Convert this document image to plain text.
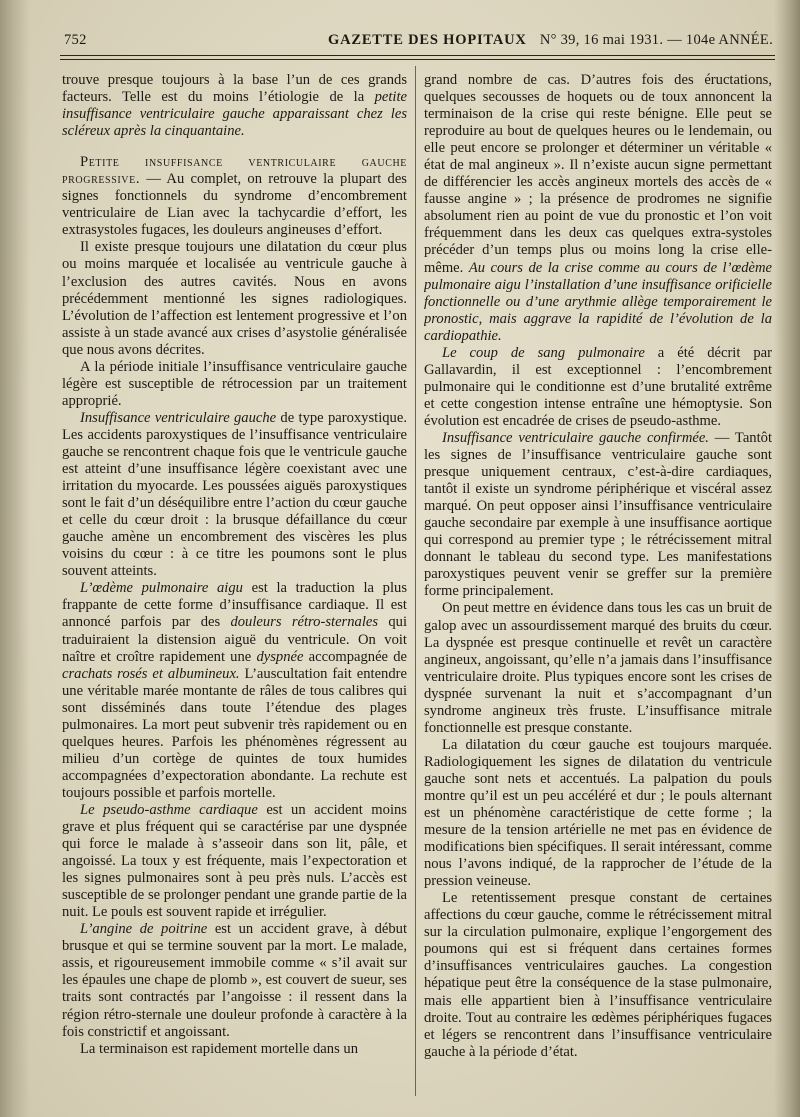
752	GAZETTE DES HOPITAUX N° 39, 16 mai 1931. — 104e ANNÉE.

trouve presque toujours à la base l’un de ces grands facteurs. Telle est du moins l’étiologie de la petite insuffisance ventriculaire gauche apparaissant chez les scléreux après la cinquantaine.

Petite insuffisance ventriculaire gauche progressive. — Au complet, on retrouve la plupart des signes fonctionnels du syndrome d’encombrement ventriculaire de Lian avec la tachycardie d’effort, les extrasystoles fugaces, les douleurs angineuses d’effort.

Il existe presque toujours une dilatation du cœur plus ou moins marquée et localisée au ventricule gauche à l’exclusion des autres cavités. Nous en avons précédemment mentionné les signes radiologiques. L’évolution de l’affection est lentement progressive et l’on assiste à un stade avancé aux crises d’asystolie généralisée que nous avons décrites.

A la période initiale l’insuffisance ventriculaire gauche légère est susceptible de rétrocession par un traitement approprié.

Insuffisance ventriculaire gauche de type paroxystique. Les accidents paroxystiques de l’insuffisance ventriculaire gauche se rencontrent chaque fois que le ventricule gauche est atteint d’une insuffisance légère coexistant avec une irritation du myocarde. Les poussées aiguës paroxystiques sont le fait d’un déséquilibre entre l’action du cœur gauche et celle du cœur droit : la brusque défaillance du cœur gauche amène un encombrement des viscères les plus voisins du cœur : à ce titre les poumons sont le plus souvent atteints.

L’œdème pulmonaire aigu est la traduction la plus frappante de cette forme d’insuffisance cardiaque. Il est annoncé parfois par des douleurs rétro-sternales qui traduiraient la distension aiguë du ventricule. On voit naître et croître rapidement une dyspnée accompagnée de crachats rosés et albumineux. L’auscultation fait entendre une véritable marée montante de râles de tous calibres qui sont disséminés dans toute l’étendue des plages pulmonaires. La mort peut subvenir très rapidement ou en quelques heures. Parfois les phénomènes régressent au milieu d’un cortège de quintes de toux humides accompagnées d’expectoration abondante. La rechute est toujours possible et parfois mortelle.

Le pseudo-asthme cardiaque est un accident moins grave et plus fréquent qui se caractérise par une dyspnée qui force le malade à s’asseoir dans son lit, pâle, et angoissé. La toux y est fréquente, mais l’expectoration et les signes pulmonaires sont à peu près nuls. L’accès est susceptible de se prolonger pendant une grande partie de la nuit. Le pouls est souvent rapide et irrégulier.

L’angine de poitrine est un accident grave, à début brusque et qui se termine souvent par la mort. Le malade, assis, et rigoureusement immobile comme « s’il avait sur les épaules une chape de plomb », est couvert de sueur, ses traits sont contractés par l’angoisse : il ressent dans la région rétro-sternale une douleur profonde à caractère à la fois constrictif et angoissant.

La terminaison est rapidement mortelle dans un

grand nombre de cas. D’autres fois des éructations, quelques secousses de hoquets ou de toux annoncent la terminaison de la crise qui reste bénigne. Elle peut se reproduire au bout de quelques heures ou le lendemain, ou elle peut encore se prolonger et déterminer un véritable « état de mal angineux ». Il n’existe aucun signe permettant de différencier les accès angineux mortels des accès de « fausse angine » ; la présence de prodromes ne signifie absolument rien au point de vue du pronostic et l’on voit fréquemment dans les deux cas quelques extra-systoles précéder d’un temps plus ou moins long la crise elle-même. Au cours de la crise comme au cours de l’œdème pulmonaire aigu l’installation d’une insuffisance orificielle fonctionnelle ou d’une arythmie allège temporairement le pronostic, mais aggrave la rapidité de l’évolution de la cardiopathie.

Le coup de sang pulmonaire a été décrit par Gallavardin, il est exceptionnel : l’encombrement pulmonaire qui le conditionne est d’une brutalité extrême et cette congestion intense entraîne une hémoptysie. Son évolution est encadrée de crises de pseudo-asthme.

Insuffisance ventriculaire gauche confirmée. — Tantôt les signes de l’insuffisance ventriculaire gauche sont presque uniquement centraux, c’est-à-dire cardiaques, tantôt il existe un syndrome périphérique et viscéral assez marqué. On peut opposer ainsi l’insuffisance ventriculaire gauche secondaire par exemple à une insuffisance aortique qui correspond au premier type ; le rétrécissement mitral donnant le tableau du second type. Les manifestations paroxystiques peuvent venir se greffer sur la première forme principalement.

On peut mettre en évidence dans tous les cas un bruit de galop avec un assourdissement marqué des bruits du cœur. La dyspnée est presque continuelle et revêt un caractère angineux, angoissant, qu’elle n’a jamais dans l’insuffisance ventriculaire droite. Plus typiques encore sont les crises de dyspnée survenant la nuit et s’accompagnant d’un syndrome angineux très fruste. L’insuffisance mitrale fonctionnelle est presque constante.

La dilatation du cœur gauche est toujours marquée. Radiologiquement les signes de dilatation du ventricule gauche sont nets et accentués. La palpation du pouls montre qu’il est un peu accéléré et dur ; le pouls alternant est un phénomène caractéristique de cette forme ; la mesure de la tension artérielle ne met pas en évidence de modifications bien spécifiques. Il serait intéressant, comme nous l’avons indiqué, de la rapprocher de l’étude de la pression veineuse.

Le retentissement presque constant de certaines affections du cœur gauche, comme le rétrécissement mitral sur la circulation pulmonaire, explique l’engorgement des poumons qui est si fréquent dans certaines formes d’insuffisances ventriculaires gauches. La congestion hépatique peut être la conséquence de la stase pulmonaire, mais elle appartient bien à l’insuffisance ventriculaire droite. Tout au contraire les œdèmes périphériques fugaces et légers se rencontrent dans l’insuffisance ventriculaire gauche à la période d’état.
